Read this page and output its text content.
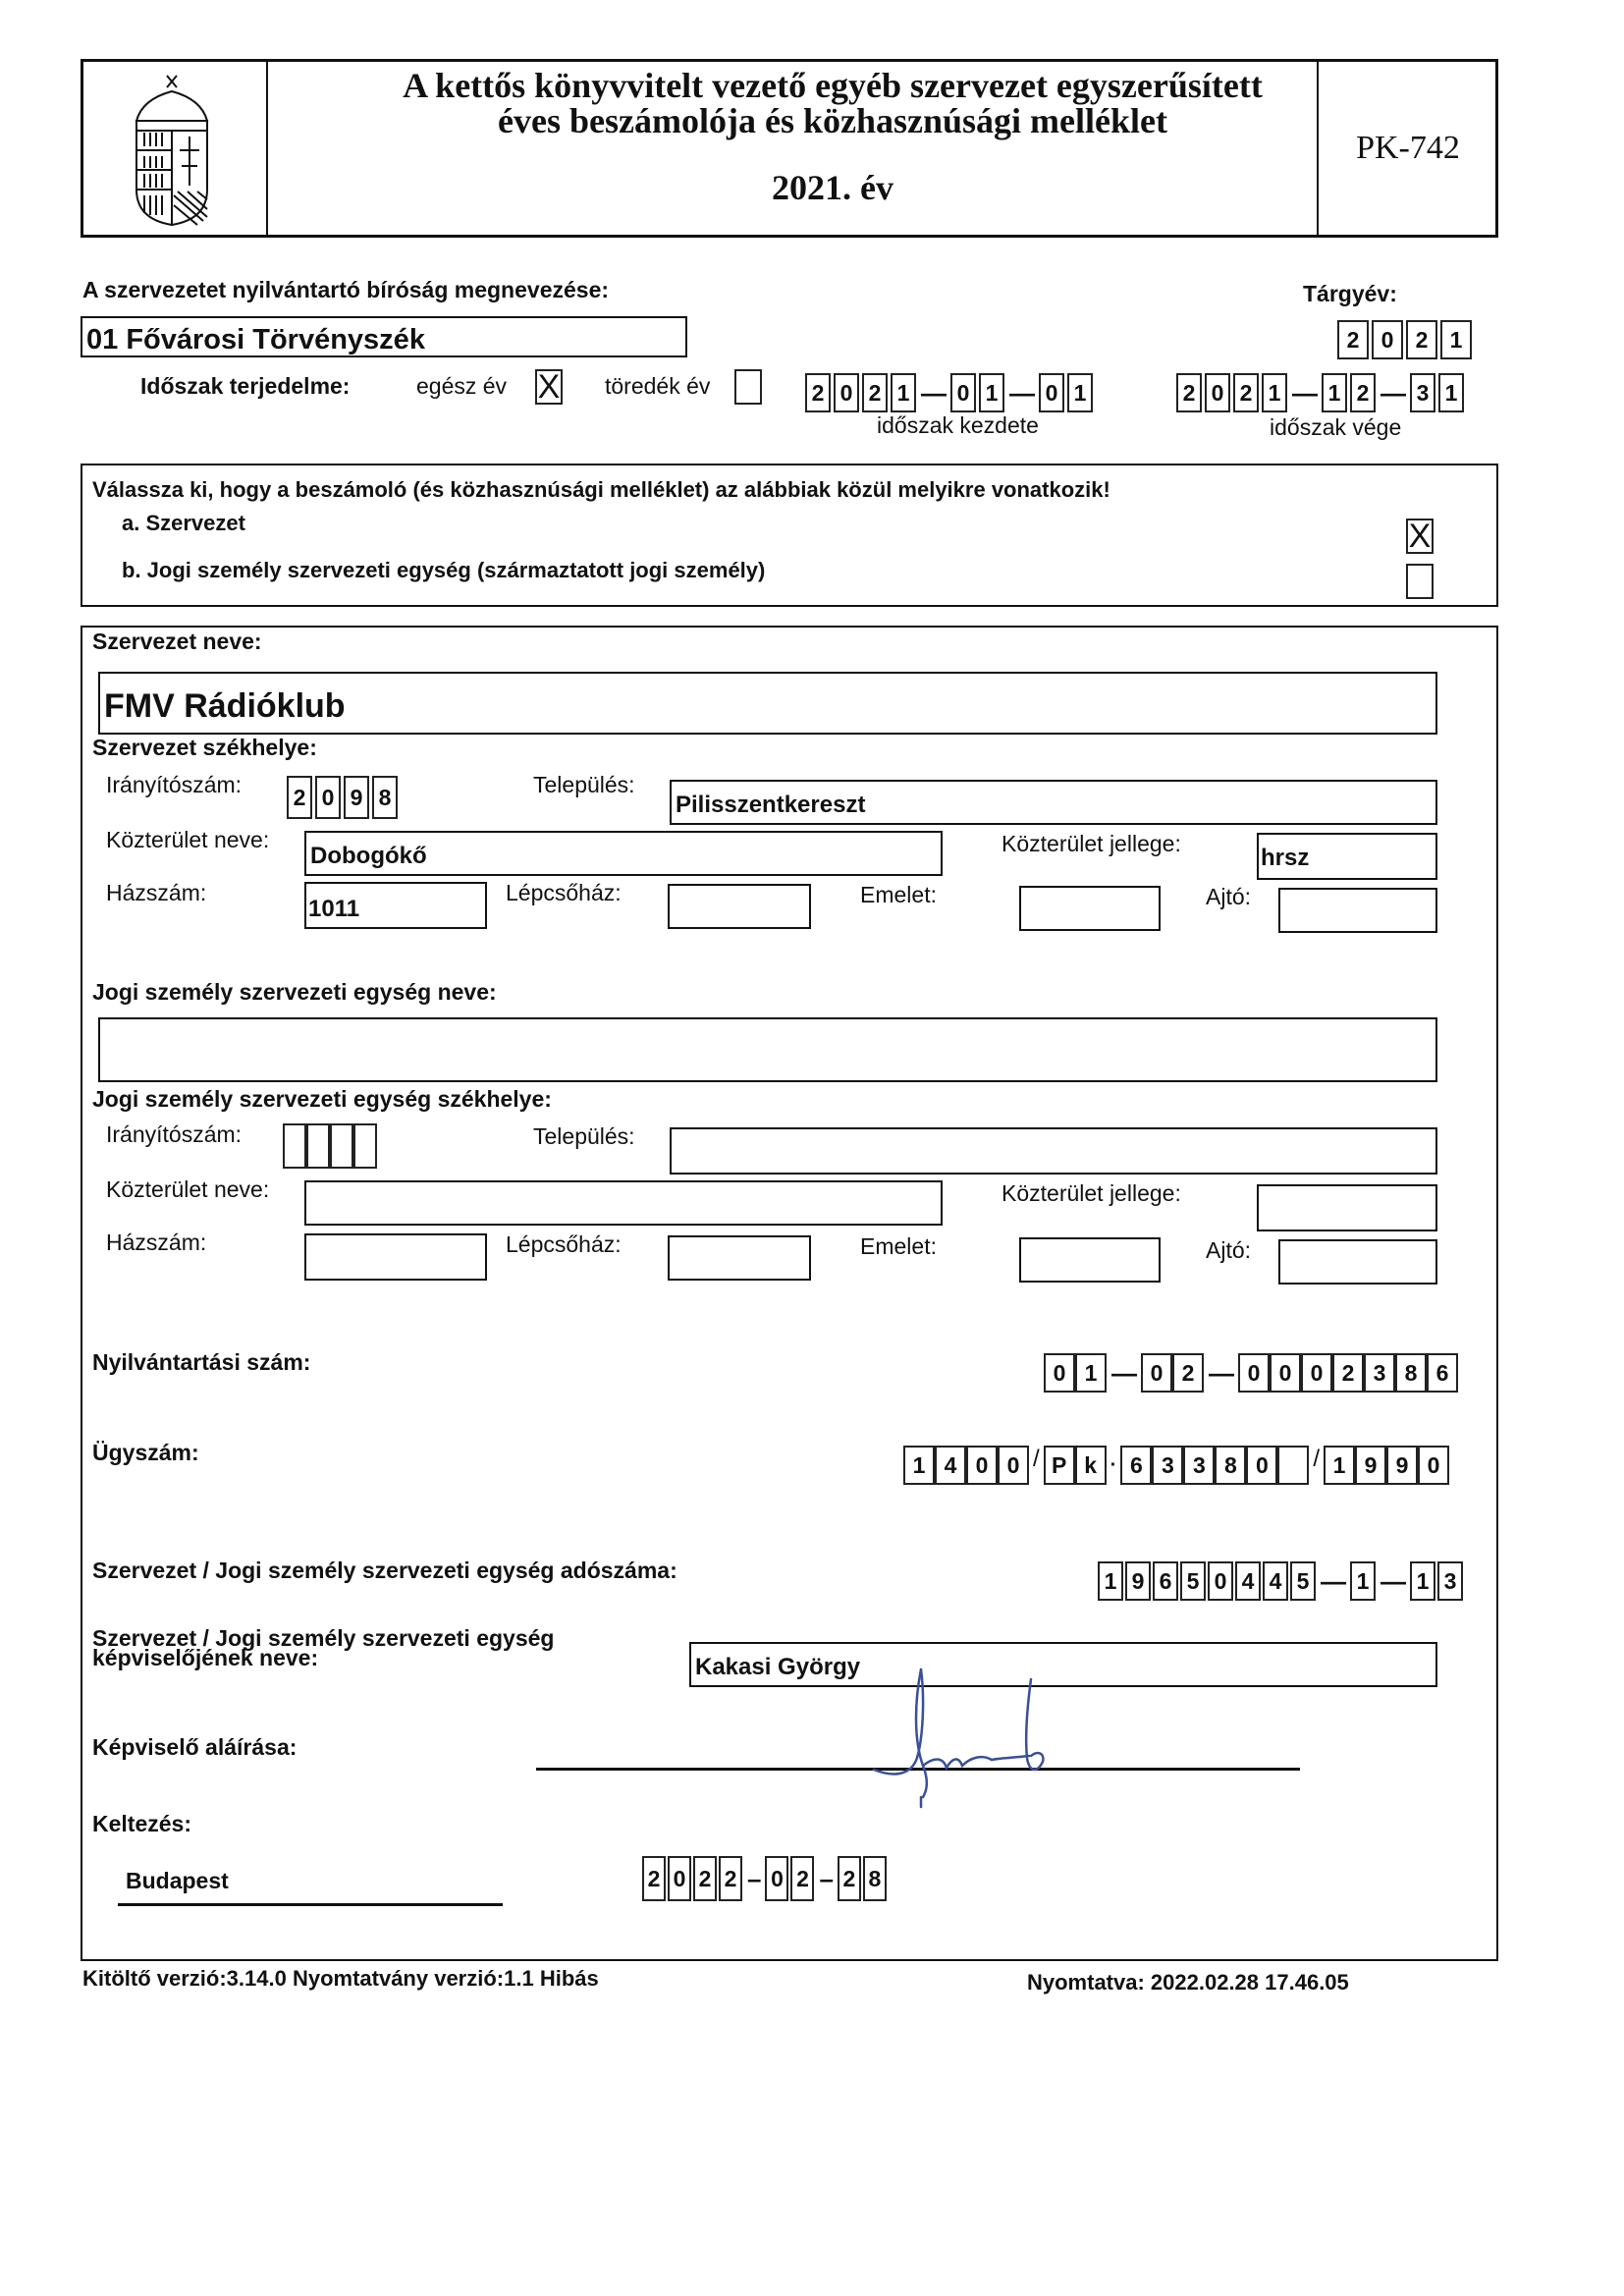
A kettős könyvvitelt vezető egyéb szervezet egyszerűsített
éves beszámolója és közhasznúsági melléklet
2021. év
PK-742
A szervezetet nyilvántartó bíróság megnevezése:
01 Fővárosi Törvényszék
Tárgyév:
2 0 2 1
Időszak terjedelme:	egész év X töredék év	2 0 2 1 — 0 1 — 0 1
időszak kezdete
2 0 2 1 — 1 2 — 3 1
időszak vége
Válassza ki, hogy a beszámoló (és közhasznúsági melléklet) az alábbiak közül melyikre vonatkozik!
a. Szervezet
b. Jogi személy szervezeti egység (származtatott jogi személy)
X
Szervezet neve:
FMV Rádióklub
Szervezet székhelye:
Irányítószám: 2 0 9 8	Település:
Pilisszentkereszt
Közterület neve:
Dobogókő	Közterület jellege:
hrsz
Házszám:
1011
Lépcsőház:	Emelet:	Ajtó:
Jogi személy szervezeti egység neve:
Jogi személy szervezeti egység székhelye:
Irányítószám:	Település:
Közterület neve:	Közterület jellege:
Házszám:	Lépcsőház:	Emelet:	Ajtó:
Nyilvántartási szám:	0 1 — 0 2 — 0 0 0 2 3 8 6
Ügyszám:	1 4 0 0 / P k · 6 3 3 8 0	/ 1 9 9 0
Szervezet / Jogi személy szervezeti egység adószáma:	1 9 6 5 0 4 4 5 — 1 — 1 3
Szervezet / Jogi személy szervezeti egység
képviselőjének neve:	Kakasi György
Képviselő aláírása:
Keltezés:
Budapest	2 0 2 2 – 0 2 – 2 8
Kitöltő verzió:3.14.0 Nyomtatvány verzió:1.1 Hibás	Nyomtatva: 2022.02.28 17.46.05
